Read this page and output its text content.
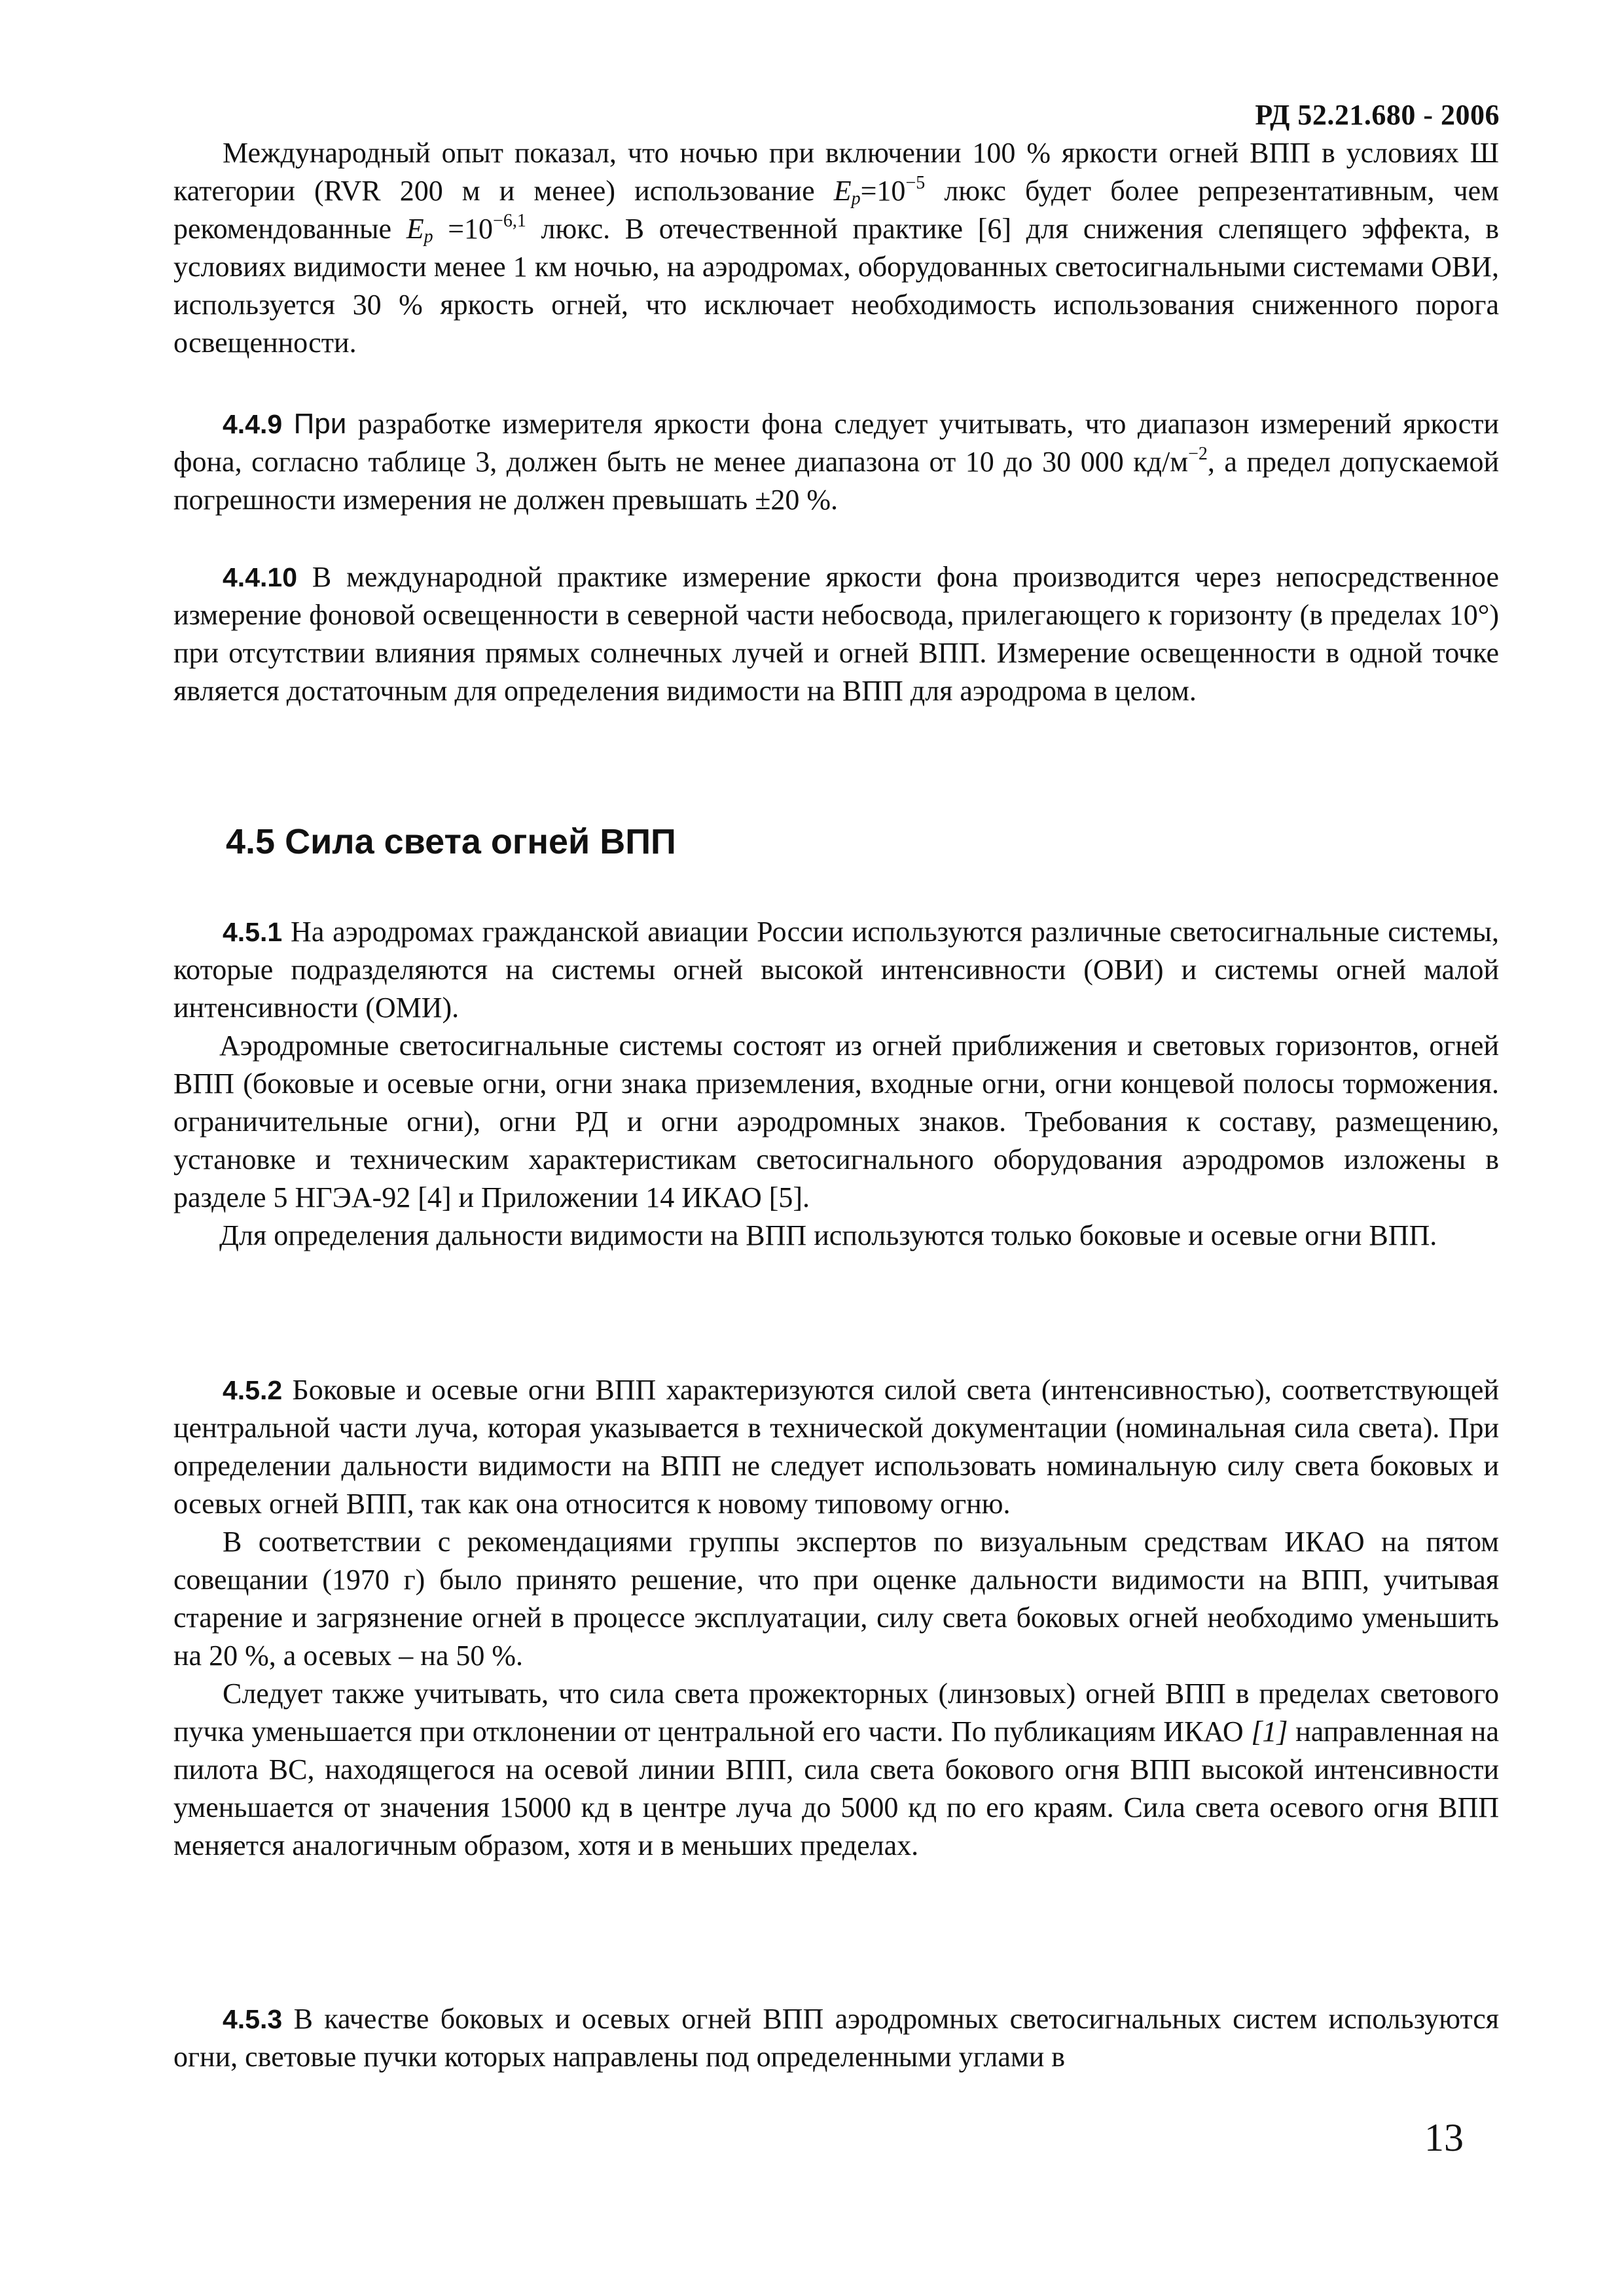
РД 52.21.680 - 2006

Международный опыт показал, что ночью при включении 100 % яркости огней ВПП в условиях Ш категории (RVR 200 м и менее) использование $E_p=10^{-5}$ люкс будет более репрезентативным, чем рекомендованные $E_p =10^{-6,1}$ люкс. В отечественной практике [6] для снижения слепящего эффекта, в условиях видимости менее 1 км ночью, на аэродромах, оборудованных светосигнальными системами ОВИ, используется 30 % яркость огней, что исключает необходимость использования сниженного порога освещенности.

4.4.9 При разработке измерителя яркости фона следует учитывать, что диапазон измерений яркости фона, согласно таблице 3, должен быть не менее диапазона от 10 до 30 000 $кд/м^{-2}$, а предел допускаемой погрешности измерения не должен превышать ±20 %.

4.4.10 В международной практике измерение яркости фона производится через непосредственное измерение фоновой освещенности в северной части небосвода, прилегающего к горизонту (в пределах 10°) при отсутствии влияния прямых солнечных лучей и огней ВПП. Измерение освещенности в одной точке является достаточным для определения видимости на ВПП для аэродрома в целом.

4.5 Сила света огней ВПП

4.5.1 На аэродромах гражданской авиации России используются различные светосигнальные системы, которые подразделяются на системы огней высокой интенсивности (ОВИ) и системы огней малой интенсивности (ОМИ).

Аэродромные светосигнальные системы состоят из огней приближения и световых горизонтов, огней ВПП (боковые и осевые огни, огни знака приземления, входные огни, огни концевой полосы торможения. ограничительные огни), огни РД и огни аэродромных знаков. Требования к составу, размещению, установке и техническим характеристикам светосигнального оборудования аэродромов изложены в разделе 5 НГЭА-92 [4] и Приложении 14 ИКАО [5].

Для определения дальности видимости на ВПП используются только боковые и осевые огни ВПП.

4.5.2 Боковые и осевые огни ВПП характеризуются силой света (интенсивностью), соответствующей центральной части луча, которая указывается в технической документации (номинальная сила света). При определении дальности видимости на ВПП не следует использовать номинальную силу света боковых и осевых огней ВПП, так как она относится к новому типовому огню.

В соответствии с рекомендациями группы экспертов по визуальным средствам ИКАО на пятом совещании (1970 г) было принято решение, что при оценке дальности видимости на ВПП, учитывая старение и загрязнение огней в процессе эксплуатации, силу света боковых огней необходимо уменьшить на 20 %, а осевых – на 50 %.

Следует также учитывать, что сила света прожекторных (линзовых) огней ВПП в пределах светового пучка уменьшается при отклонении от центральной его части. По публикациям ИКАО [1] направленная на пилота ВС, находящегося на осевой линии ВПП, сила света бокового огня ВПП высокой интенсивности уменьшается от значения 15000 кд в центре луча до 5000 кд по его краям. Сила света осевого огня ВПП меняется аналогичным образом, хотя и в меньших пределах.

4.5.3 В качестве боковых и осевых огней ВПП аэродромных светосигнальных систем используются огни, световые пучки которых направлены под определенными углами в

13
